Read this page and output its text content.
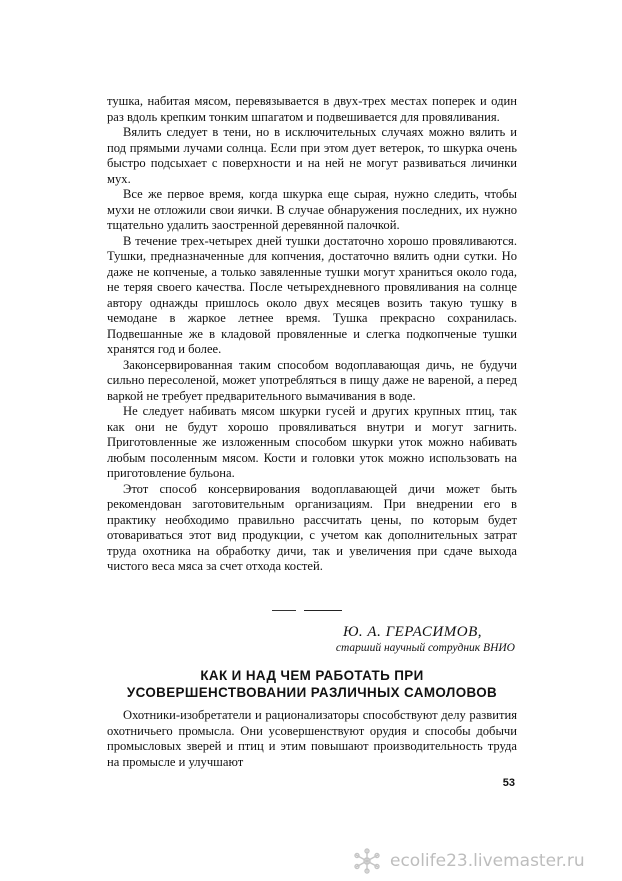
тушка, набитая мясом, перевязывается в двух-трех местах поперек и один раз вдоль крепким тонким шпагатом и подвешивается для провяливания.

Вялить следует в тени, но в исключительных случаях можно вялить и под прямыми лучами солнца. Если при этом дует ветерок, то шкурка очень быстро подсыхает с поверхности и на ней не могут развиваться личинки мух.

Все же первое время, когда шкурка еще сырая, нужно следить, чтобы мухи не отложили свои яички. В случае обнаружения последних, их нужно тщательно удалить заостренной деревянной палочкой.

В течение трех-четырех дней тушки достаточно хорошо провяливаются. Тушки, предназначенные для копчения, достаточно вялить одни сутки. Но даже не копченые, а только завяленные тушки могут храниться около года, не теряя своего качества. После четырехдневного провяливания на солнце автору однажды пришлось около двух месяцев возить такую тушку в чемодане в жаркое летнее время. Тушка прекрасно сохранилась. Подвешанные же в кладовой провяленные и слегка подкопченые тушки хранятся год и более.

Законсервированная таким способом водоплавающая дичь, не будучи сильно пересоленой, может употребляться в пищу даже не вареной, а перед варкой не требует предварительного вымачивания в воде.

Не следует набивать мясом шкурки гусей и других крупных птиц, так как они не будут хорошо провяливаться внутри и могут загнить. Приготовленные же изложенным способом шкурки уток можно набивать любым посоленным мясом. Кости и головки уток можно использовать на приготовление бульона.

Этот способ консервирования водоплавающей дичи может быть рекомендован заготовительным организациям. При внедрении его в практику необходимо правильно рассчитать цены, по которым будет отовариваться этот вид продукции, с учетом как дополнительных затрат труда охотника на обработку дичи, так и увеличения при сдаче выхода чистого веса мяса за счет отхода костей.

Ю. А. ГЕРАСИМОВ,
старший научный сотрудник ВНИО
КАК И НАД ЧЕМ РАБОТАТЬ ПРИ
УСОВЕРШЕНСТВОВАНИИ РАЗЛИЧНЫХ САМОЛОВОВ

Охотники-изобретатели и рационализаторы способствуют делу развития охотничьего промысла. Они усовершенствуют орудия и способы добычи промысловых зверей и птиц и этим повышают производительность труда на промысле и улучшают

53
ecolife23.livemaster.ru
